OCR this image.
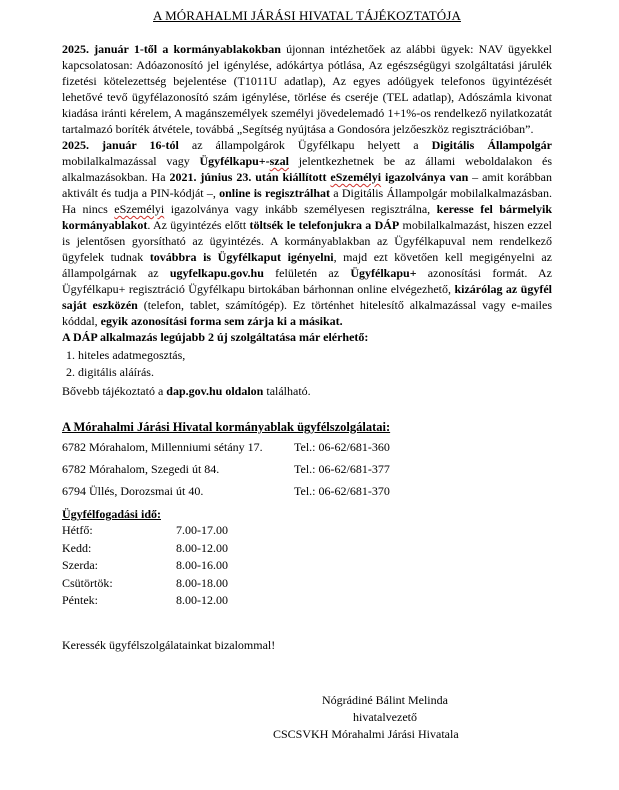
A MÓRAHALMI JÁRÁSI HIVATAL TÁJÉKOZTATÓJA

2025. január 1-től a kormányablakokban újonnan intézhetőek az alábbi ügyek: NAV ügyekkel kapcsolatosan: Adóazonosító jel igénylése, adókártya pótlása, Az egészségügyi szolgáltatási járulék fizetési kötelezettség bejelentése (T1011U adatlap), Az egyes adóügyek telefonos ügyintézését lehetővé tevő ügyfélazonosító szám igénylése, törlése és cseréje (TEL adatlap), Adószámla kivonat kiadása iránti kérelem, A magánszemélyek személyi jövedelemadó 1+1%-os rendelkező nyilatkozatát tartalmazó boríték átvétele, továbbá „Segítség nyújtása a Gondosóra jelzőeszköz regisztrációban”.

2025. január 16-tól az állampolgárok Ügyfélkapu helyett a Digitális Állampolgár mobilalkalmazással vagy Ügyfélkapu+-szal jelentkezhetnek be az állami weboldalakon és alkalmazásokban. Ha 2021. június 23. után kiállított eSzemélyi igazolványa van – amit korábban aktivált és tudja a PIN-kódját –, online is regisztrálhat a Digitális Állampolgár mobilalkalmazásban. Ha nincs eSzemélyi igazolványa vagy inkább személyesen regisztrálna, keresse fel bármelyik kormányablakot. Az ügyintézés előtt töltsék le telefonjukra a DÁP mobilalkalmazást, hiszen ezzel is jelentősen gyorsítható az ügyintézés. A kormányablakban az Ügyfélkapuval nem rendelkező ügyfelek tudnak továbbra is Ügyfélkaput igényelni, majd ezt követően kell megigényelni az állampolgárnak az ugyfelkapu.gov.hu felületén az Ügyfélkapu+ azonosítási formát. Az Ügyfélkapu+ regisztráció Ügyfélkapu birtokában bárhonnan online elvégezhető, kizárólag az ügyfél saját eszközén (telefon, tablet, számítógép). Ez történhet hitelesítő alkalmazással vagy e-mailes kóddal, egyik azonosítási forma sem zárja ki a másikat.

A DÁP alkalmazás legújabb 2 új szolgáltatása már elérhető:

1. hiteles adatmegosztás,
2. digitális aláírás.
Bővebb tájékoztató a dap.gov.hu oldalon található.
A Mórahalmi Járási Hivatal kormányablak ügyfélszolgálatai:
6782 Mórahalom, Millenniumi sétány 17.	Tel.: 06-62/681-360
6782 Mórahalom, Szegedi út 84.	Tel.: 06-62/681-377
6794 Üllés, Dorozsmai út 40.	Tel.: 06-62/681-370
Ügyfélfogadási idő:
Hétfő:	7.00-17.00
Kedd:	8.00-12.00
Szerda:	8.00-16.00
Csütörtök:	8.00-18.00
Péntek:	8.00-12.00
Keressék ügyfélszolgálatainkat bizalommal!
Nógrádiné Bálint Melinda
hivatalvezető
CSCSVKH Mórahalmi Járási Hivatala
